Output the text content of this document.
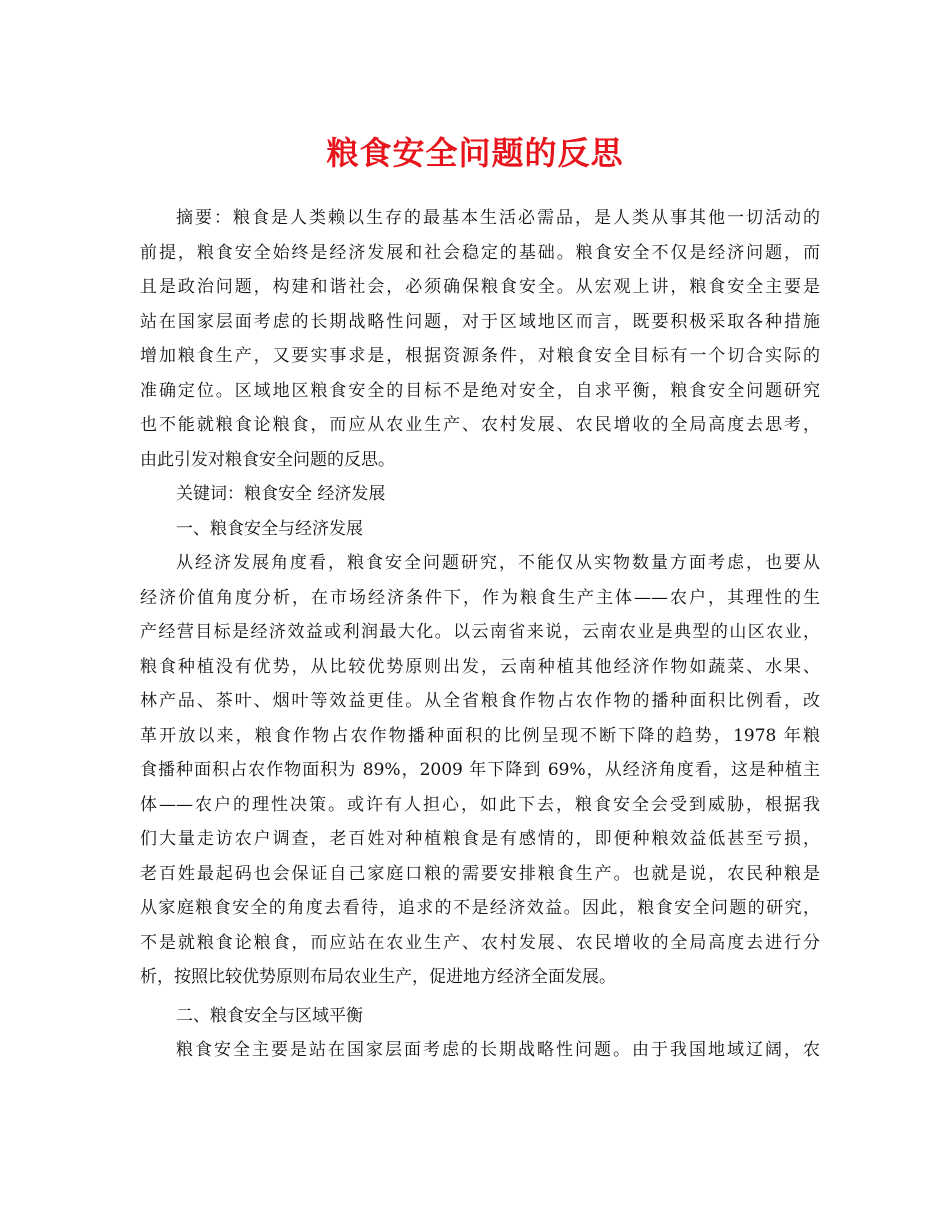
粮食安全问题的反思

摘要：粮食是人类赖以生存的最基本生活必需品，是人类从事其他一切活动的

前提，粮食安全始终是经济发展和社会稳定的基础。粮食安全不仅是经济问题，而

且是政治问题，构建和谐社会，必须确保粮食安全。从宏观上讲，粮食安全主要是

站在国家层面考虑的长期战略性问题，对于区域地区而言，既要积极采取各种措施

增加粮食生产，又要实事求是，根据资源条件，对粮食安全目标有一个切合实际的

准确定位。区域地区粮食安全的目标不是绝对安全，自求平衡，粮食安全问题研究

也不能就粮食论粮食，而应从农业生产、农村发展、农民增收的全局高度去思考，

由此引发对粮食安全问题的反思。

关键词：粮食安全 经济发展

一、粮食安全与经济发展

从经济发展角度看，粮食安全问题研究，不能仅从实物数量方面考虑，也要从

经济价值角度分析，在市场经济条件下，作为粮食生产主体——农户，其理性的生

产经营目标是经济效益或利润最大化。以云南省来说，云南农业是典型的山区农业，

粮食种植没有优势，从比较优势原则出发，云南种植其他经济作物如蔬菜、水果、

林产品、茶叶、烟叶等效益更佳。从全省粮食作物占农作物的播种面积比例看，改

革开放以来，粮食作物占农作物播种面积的比例呈现不断下降的趋势，1978 年粮

食播种面积占农作物面积为 89%，2009 年下降到 69%，从经济角度看，这是种植主

体——农户的理性决策。或许有人担心，如此下去，粮食安全会受到威胁，根据我

们大量走访农户调查，老百姓对种植粮食是有感情的，即便种粮效益低甚至亏损，

老百姓最起码也会保证自己家庭口粮的需要安排粮食生产。也就是说，农民种粮是

从家庭粮食安全的角度去看待，追求的不是经济效益。因此，粮食安全问题的研究，

不是就粮食论粮食，而应站在农业生产、农村发展、农民增收的全局高度去进行分

析，按照比较优势原则布局农业生产，促进地方经济全面发展。

二、粮食安全与区域平衡

粮食安全主要是站在国家层面考虑的长期战略性问题。由于我国地域辽阔，农
